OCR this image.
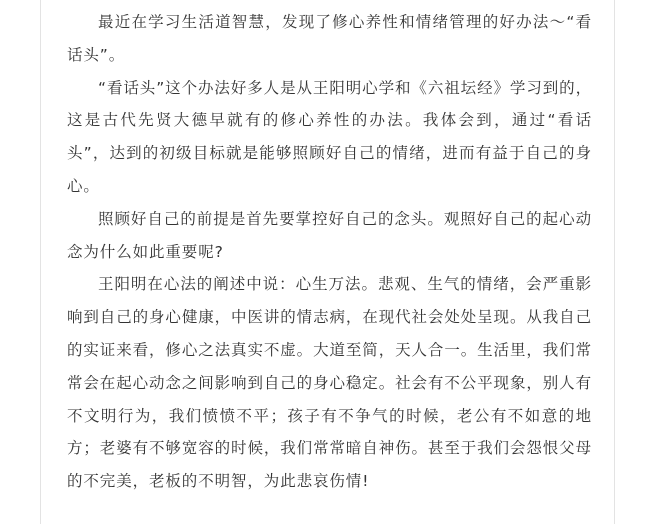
最近在学习生活道智慧，发现了修心养性和情绪管理的好办法～“看话头”。

“看话头”这个办法好多人是从王阳明心学和《六祖坛经》学习到的，这是古代先贤大德早就有的修心养性的办法。我体会到，通过“看话头”，达到的初级目标就是能够照顾好自己的情绪，进而有益于自己的身心。

照顾好自己的前提是首先要掌控好自己的念头。观照好自己的起心动念为什么如此重要呢?

王阳明在心法的阐述中说：心生万法。悲观、生气的情绪，会严重影响到自己的身心健康，中医讲的情志病，在现代社会处处呈现。从我自己的实证来看，修心之法真实不虚。大道至简，天人合一。生活里，我们常常会在起心动念之间影响到自己的身心稳定。社会有不公平现象，别人有不文明行为，我们愤愤不平；孩子有不争气的时候，老公有不如意的地方；老婆有不够宽容的时候，我们常常暗自神伤。甚至于我们会怨恨父母的不完美，老板的不明智，为此悲哀伤情!
